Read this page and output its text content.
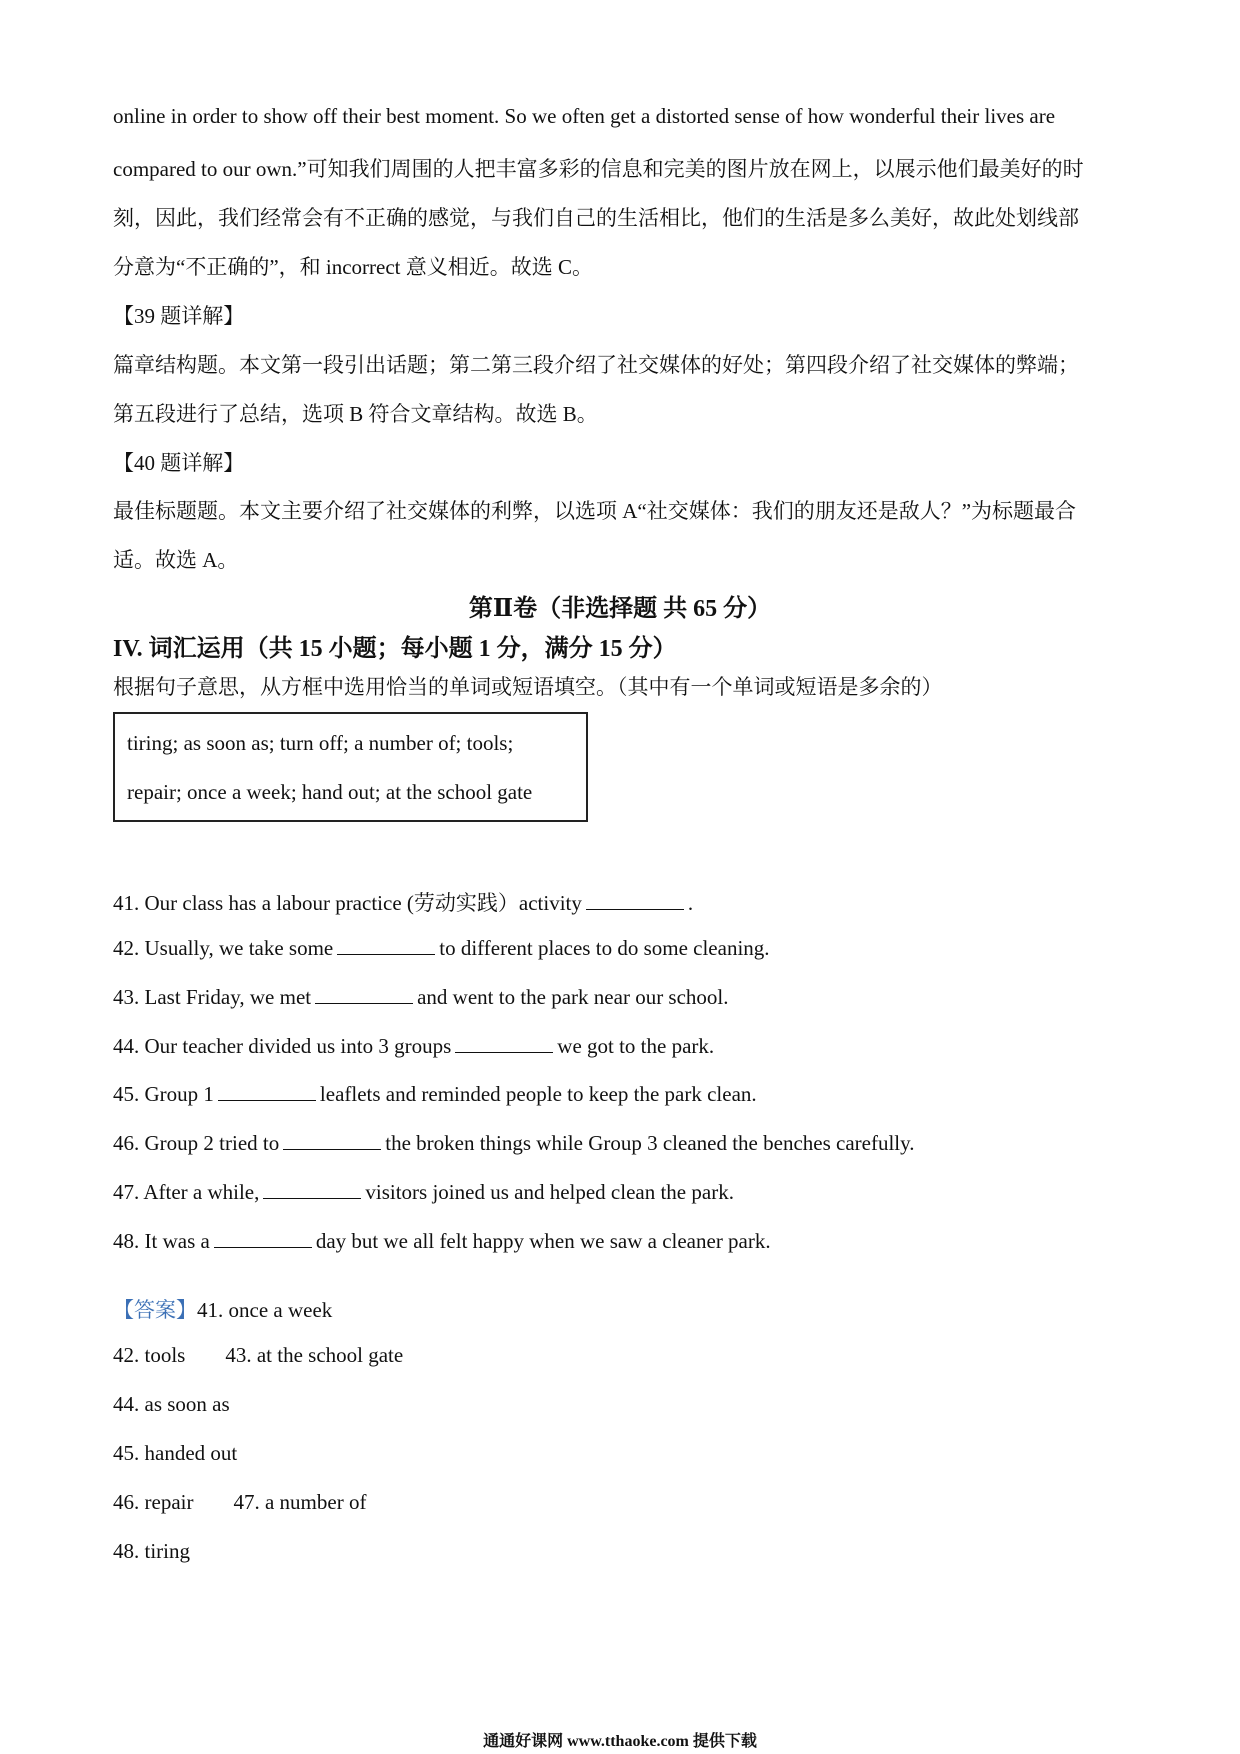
online in order to show off their best moment. So we often get a distorted sense of how wonderful their lives are
compared to our own.”可知我们周围的人把丰富多彩的信息和完美的图片放在网上，以展示他们最美好的时
刻，因此，我们经常会有不正确的感觉，与我们自己的生活相比，他们的生活是多么美好，故此处划线部
分意为“不正确的”，和 incorrect 意义相近。故选 C。
【39 题详解】
篇章结构题。本文第一段引出话题；第二第三段介绍了社交媒体的好处；第四段介绍了社交媒体的弊端；
第五段进行了总结，选项 B 符合文章结构。故选 B。
【40 题详解】
最佳标题题。本文主要介绍了社交媒体的利弊，以选项 A“社交媒体：我们的朋友还是敌人？”为标题最合
适。故选 A。
第Ⅱ卷（非选择题 共 65 分）
IV. 词汇运用（共 15 小题；每小题 1 分，满分 15 分）
根据句子意思，从方框中选用恰当的单词或短语填空。（其中有一个单词或短语是多余的）
tiring; as soon as; turn off; a number of; tools;
repair; once a week; hand out; at the school gate
41. Our class has a labour practice (劳动实践）activity	.
42. Usually, we take some	to different places to do some cleaning.
43. Last Friday, we met	and went to the park near our school.
44. Our teacher divided us into 3 groups	we got to the park.
45. Group 1	leaflets and reminded people to keep the park clean.
46. Group 2 tried to	the broken things while Group 3 cleaned the benches carefully.
47. After a while,	visitors joined us and helped clean the park.
48. It was a	day but we all felt happy when we saw a cleaner park.
【答案】41. once a week
42. tools 43. at the school gate
44. as soon as
45. handed out
46. repair 47. a number of
48. tiring
通通好课网 www.tthaoke.com 提供下载
